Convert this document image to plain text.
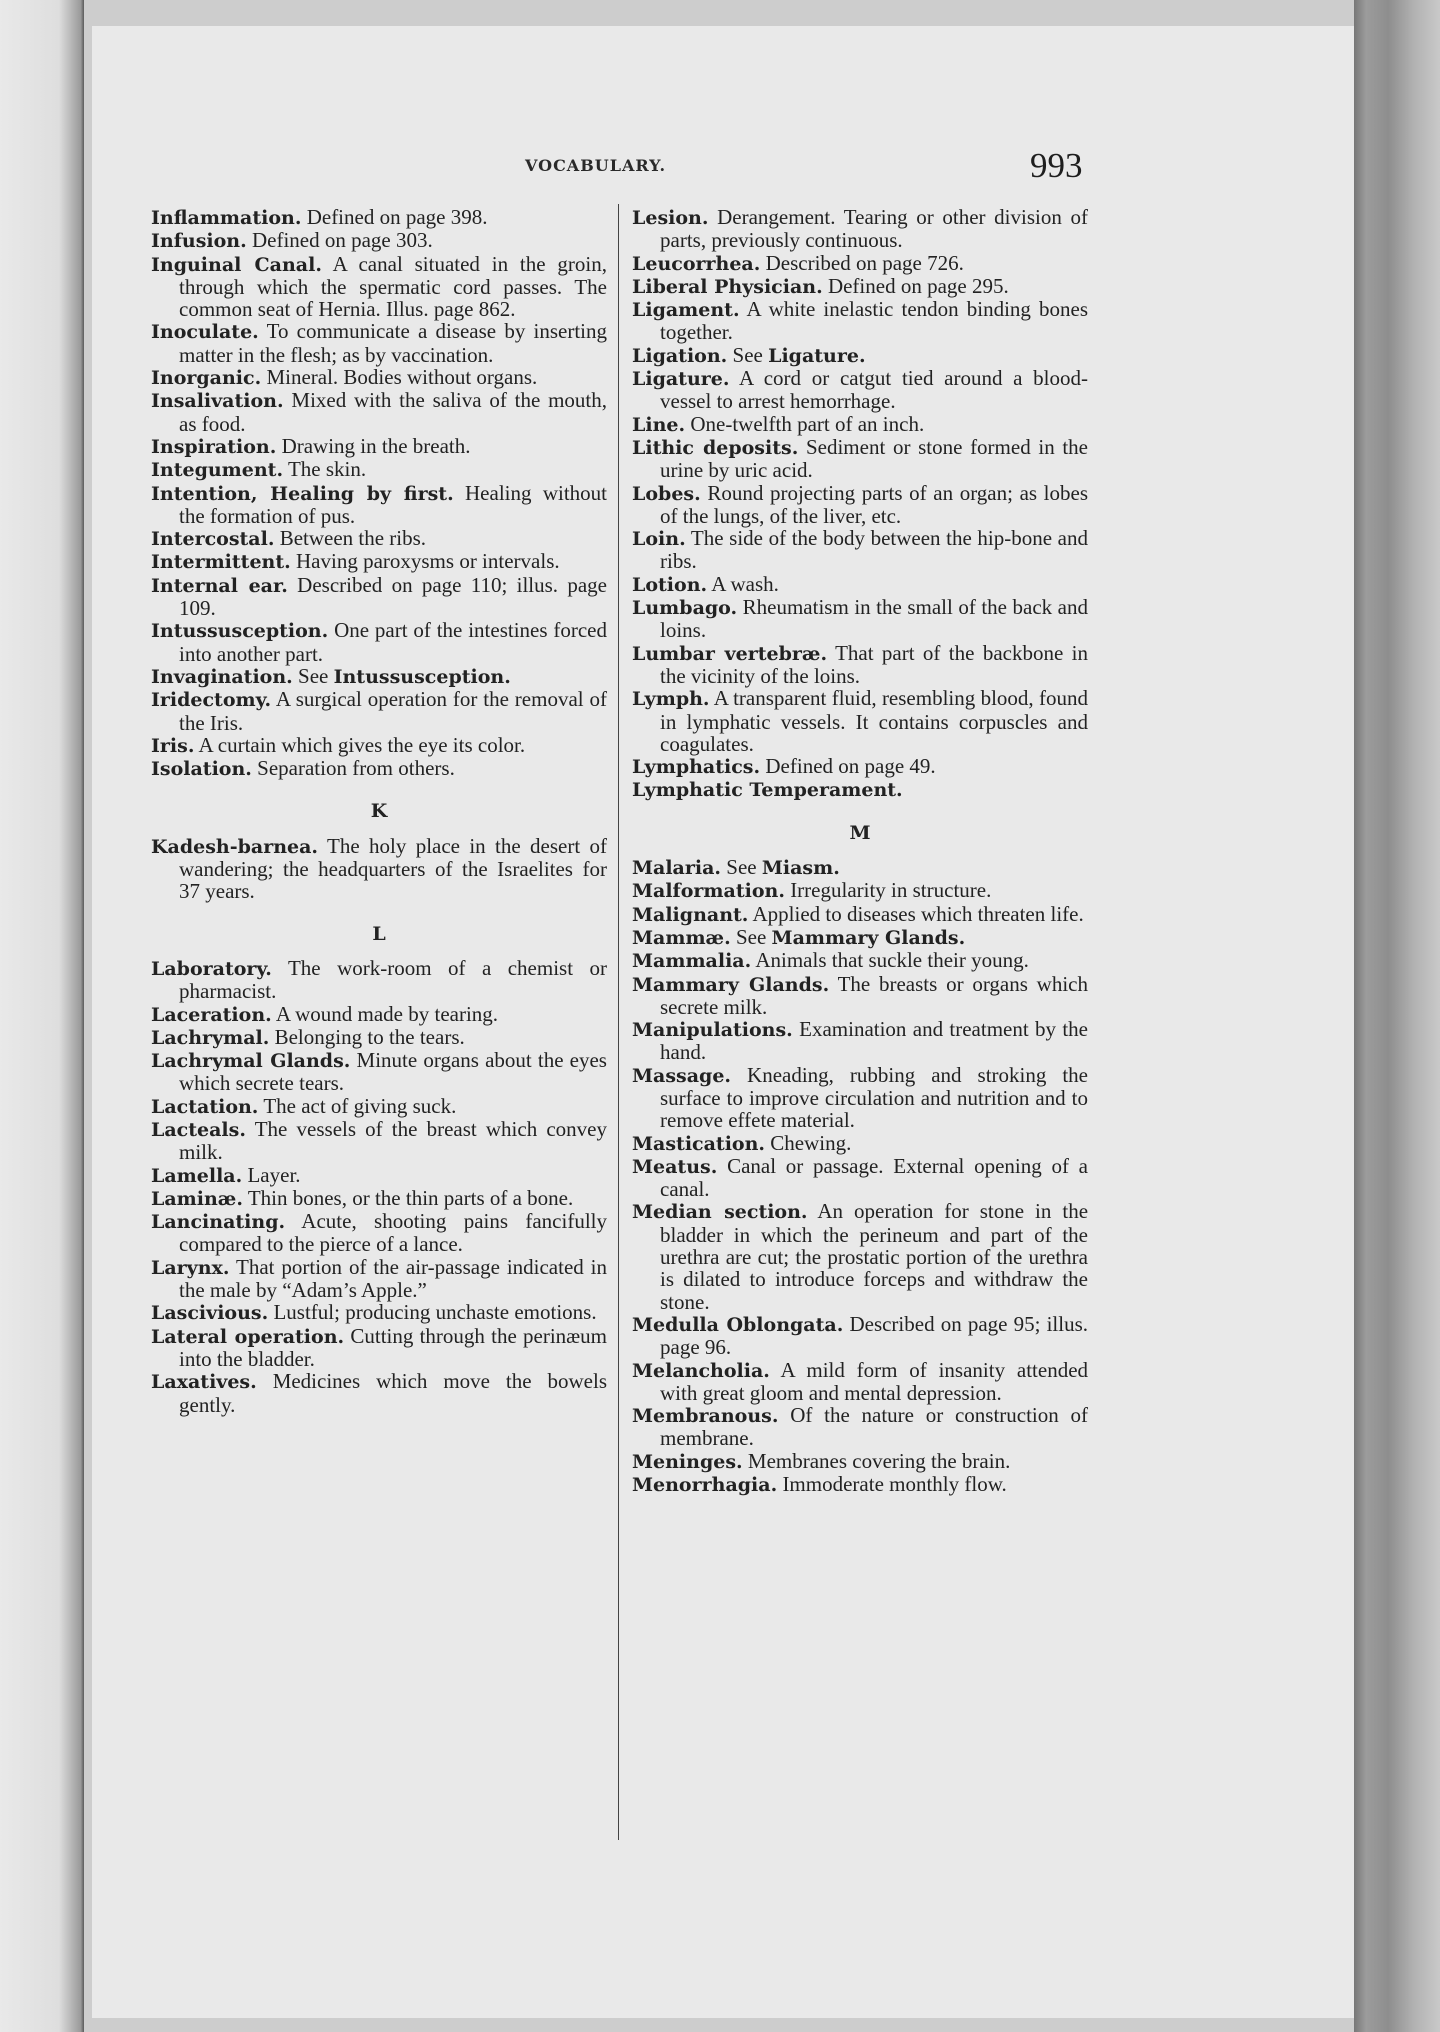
VOCABULARY.	993

Inflammation. Defined on page 398.

Infusion. Defined on page 303.

Inguinal Canal. A canal situated in the groin, through which the spermatic cord passes. The common seat of Hernia. Illus. page 862.

Inoculate. To communicate a disease by inserting matter in the flesh; as by vaccination.

Inorganic. Mineral. Bodies without organs.

Insalivation. Mixed with the saliva of the mouth, as food.

Inspiration. Drawing in the breath.

Integument. The skin.

Intention, Healing by first. Healing without the formation of pus.

Intercostal. Between the ribs.

Intermittent. Having paroxysms or intervals.

Internal ear. Described on page 110; illus. page 109.

Intussusception. One part of the intestines forced into another part.

Invagination. See Intussusception.

Iridectomy. A surgical operation for the removal of the Iris.

Iris. A curtain which gives the eye its color.

Isolation. Separation from others.

K

Kadesh-barnea. The holy place in the desert of wandering; the headquarters of the Israelites for 37 years.

L

Laboratory. The work-room of a chemist or pharmacist.

Laceration. A wound made by tearing.

Lachrymal. Belonging to the tears.

Lachrymal Glands. Minute organs about the eyes which secrete tears.

Lactation. The act of giving suck.

Lacteals. The vessels of the breast which convey milk.

Lamella. Layer.

Laminæ. Thin bones, or the thin parts of a bone.

Lancinating. Acute, shooting pains fancifully compared to the pierce of a lance.

Larynx. That portion of the air-passage indicated in the male by “Adam’s Apple.”

Lascivious. Lustful; producing unchaste emotions.

Lateral operation. Cutting through the perinæum into the bladder.

Laxatives. Medicines which move the bowels gently.

Lesion. Derangement. Tearing or other division of parts, previously continuous.

Leucorrhea. Described on page 726.

Liberal Physician. Defined on page 295.

Ligament. A white inelastic tendon binding bones together.

Ligation. See Ligature.

Ligature. A cord or catgut tied around a blood-vessel to arrest hemorrhage.

Line. One-twelfth part of an inch.

Lithic deposits. Sediment or stone formed in the urine by uric acid.

Lobes. Round projecting parts of an organ; as lobes of the lungs, of the liver, etc.

Loin. The side of the body between the hip-bone and ribs.

Lotion. A wash.

Lumbago. Rheumatism in the small of the back and loins.

Lumbar vertebræ. That part of the backbone in the vicinity of the loins.

Lymph. A transparent fluid, resembling blood, found in lymphatic vessels. It contains corpuscles and coagulates.

Lymphatics. Defined on page 49.

Lymphatic Temperament.

M

Malaria. See Miasm.

Malformation. Irregularity in structure.

Malignant. Applied to diseases which threaten life.

Mammæ. See Mammary Glands.

Mammalia. Animals that suckle their young.

Mammary Glands. The breasts or organs which secrete milk.

Manipulations. Examination and treatment by the hand.

Massage. Kneading, rubbing and stroking the surface to improve circulation and nutrition and to remove effete material.

Mastication. Chewing.

Meatus. Canal or passage. External opening of a canal.

Median section. An operation for stone in the bladder in which the perineum and part of the urethra are cut; the prostatic portion of the urethra is dilated to introduce forceps and withdraw the stone.

Medulla Oblongata. Described on page 95; illus. page 96.

Melancholia. A mild form of insanity attended with great gloom and mental depression.

Membranous. Of the nature or construction of membrane.

Meninges. Membranes covering the brain.

Menorrhagia. Immoderate monthly flow.
